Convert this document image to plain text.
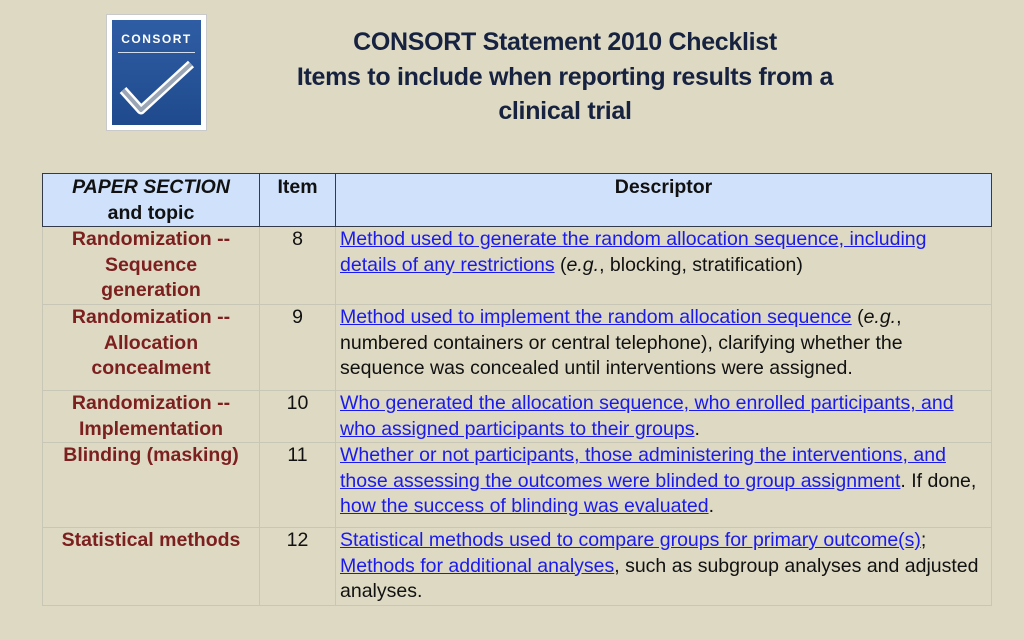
CONSORT	CONSORT Statement 2010 Checklist
Items to include when reporting results from a
clinical trial
PAPER SECTION
and topic	Item	Descriptor
Randomization --
Sequence
generation	8	Method used to generate the random allocation sequence, including details of any restrictions (e.g., blocking, stratification)
Randomization --
Allocation
concealment	9	Method used to implement the random allocation sequence (e.g., numbered containers or central telephone), clarifying whether the sequence was concealed until interventions were assigned.
Randomization --
Implementation	10	Who generated the allocation sequence, who enrolled participants, and who assigned participants to their groups.
Blinding (masking)	11	Whether or not participants, those administering the interventions, and those assessing the outcomes were blinded to group assignment. If done, how the success of blinding was evaluated.
Statistical methods	12	Statistical methods used to compare groups for primary outcome(s); Methods for additional analyses, such as subgroup analyses and adjusted analyses.
